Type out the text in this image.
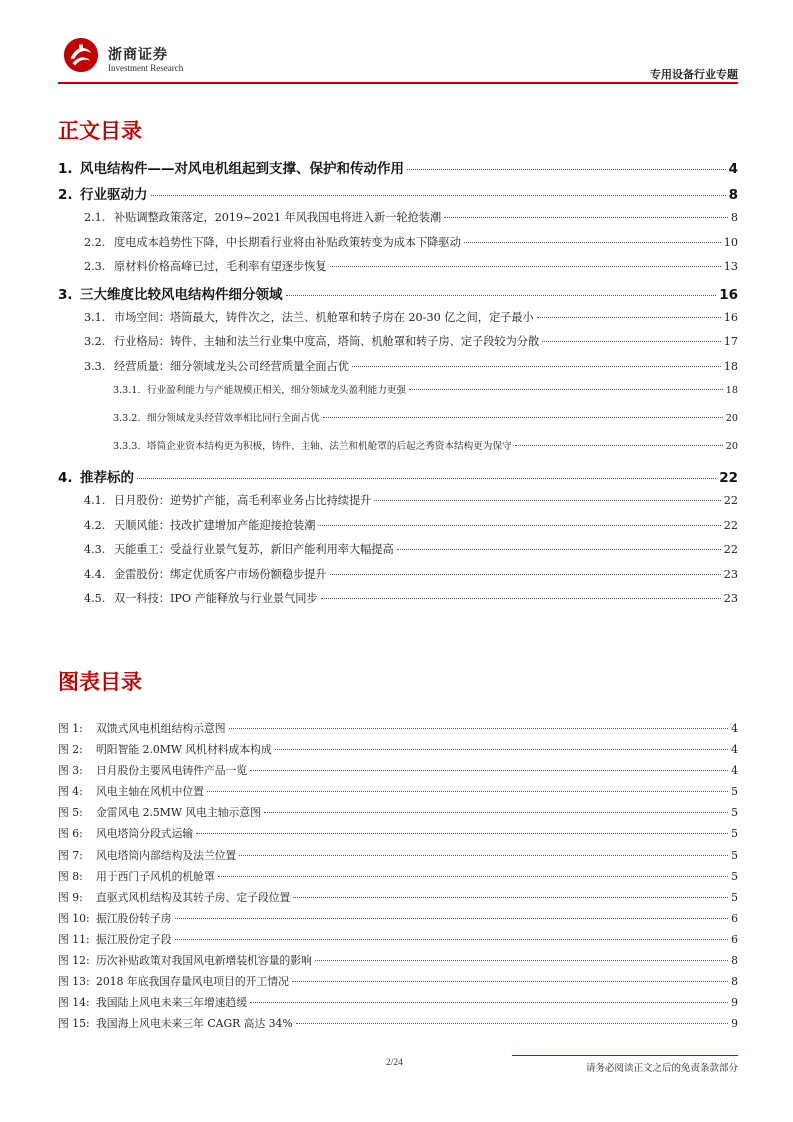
浙商证券
Investment Research	专用设备行业专题
正文目录
1. 风电结构件——对风电机组起到支撑、保护和传动作用	4
2. 行业驱动力	8
2.1. 补贴调整政策落定，2019~2021 年风我国电将进入新一轮抢装潮	8
2.2. 度电成本趋势性下降，中长期看行业将由补贴政策转变为成本下降驱动	10
2.3. 原材料价格高峰已过，毛利率有望逐步恢复	13
3. 三大维度比较风电结构件细分领域	16
3.1. 市场空间：塔筒最大，铸件次之，法兰、机舱罩和转子房在 20-30 亿之间，定子最小	16
3.2. 行业格局：铸件、主轴和法兰行业集中度高，塔筒、机舱罩和转子房、定子段较为分散	17
3.3. 经营质量：细分领域龙头公司经营质量全面占优	18
3.3.1. 行业盈利能力与产能规模正相关，细分领域龙头盈利能力更强	18
3.3.2. 细分领域龙头经营效率相比同行全面占优	20
3.3.3. 塔筒企业资本结构更为积极，铸件、主轴、法兰和机舱罩的后起之秀资本结构更为保守	20
4. 推荐标的	22
4.1. 日月股份：逆势扩产能，高毛利率业务占比持续提升	22
4.2. 天顺风能：技改扩建增加产能迎接抢装潮	22
4.3. 天能重工：受益行业景气复苏，新旧产能利用率大幅提高	22
4.4. 金雷股份：绑定优质客户市场份额稳步提升	23
4.5. 双一科技：IPO 产能释放与行业景气同步	23
图表目录
图 1: 双馈式风电机组结构示意图	4
图 2: 明阳智能 2.0MW 风机材料成本构成	4
图 3: 日月股份主要风电铸件产品一览	4
图 4: 风电主轴在风机中位置	5
图 5: 金雷风电 2.5MW 风电主轴示意图	5
图 6: 风电塔筒分段式运输	5
图 7: 风电塔筒内部结构及法兰位置	5
图 8: 用于西门子风机的机舱罩	5
图 9: 直驱式风机结构及其转子房、定子段位置	5
图 10: 振江股份转子房	6
图 11: 振江股份定子段	6
图 12: 历次补贴政策对我国风电新增装机容量的影响	8
图 13: 2018 年底我国存量风电项目的开工情况	8
图 14: 我国陆上风电未来三年增速趋缓	9
图 15: 我国海上风电未来三年 CAGR 高达 34%	9
2/24	请务必阅读正文之后的免责条款部分
